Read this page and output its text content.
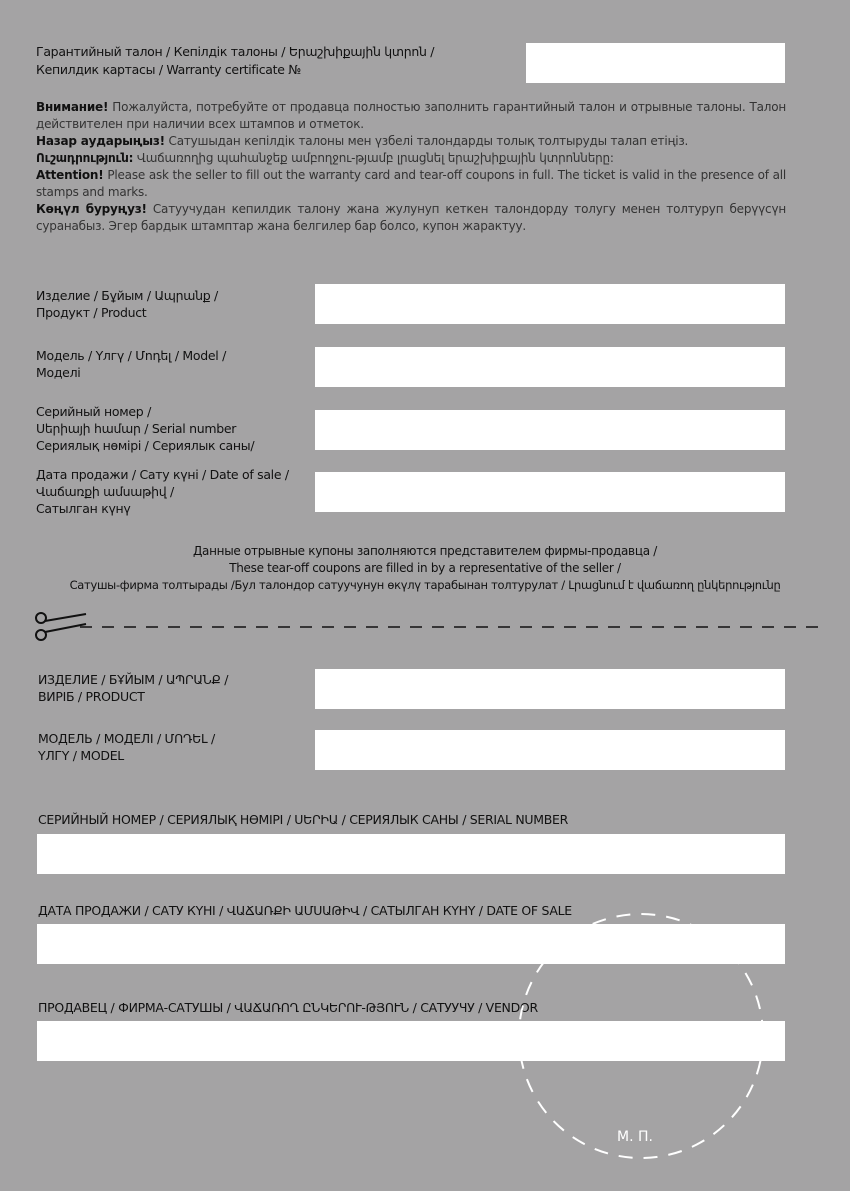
Гарантийный талон / Кепілдік талоны / Երաշխիքային կտրոն /
Кепилдик картасы / Warranty certificate №

Внимание! Пожалуйста, потребуйте от продавца полностью заполнить гарантийный талон и отрывные талоны. Талон действителен при наличии всех штампов и отметок.

Назар аударыңыз! Сатушыдан кепілдік талоны мен үзбелі талондарды толық толтыруды талап етіңіз.

Ուշադրություն: Վաճառողից պահանջեք ամբողջու-թյամբ լրացնել երաշխիքային կտրոնները:

Attention! Please ask the seller to fill out the warranty card and tear-off coupons in full. The ticket is valid in the presence of all stamps and marks.

Көңүл буруңуз! Сатуучудан кепилдик талону жана жулунуп кеткен талондорду толугу менен толтуруп берүүсүн суранабыз. Эгер бардык штамптар жана белгилер бар болсо, купон жарактуу.

Изделие / Бұйым / Ապրանք /
Продукт / Product
Модель / Үлгү / Մոդել / Model /
Моделі
Серийный номер /
Սերիայի համար / Serial number
Сериялық нөмірі / Сериялык саны/
Дата продажи / Сату күні / Date of sale /
Վաճառքի ամսաթիվ /
Сатылган күнү
Данные отрывные купоны заполняются представителем фирмы-продавца /
These tear-off coupons are filled in by a representative of the seller /
Сатушы-фирма толтырады /Бул талондор сатуучунун өкүлү тарабынан толтурулат / Լրացնում է վաճառող ընկերությունը
ИЗДЕЛИЕ / БҰЙЫМ / ԱՊՐԱՆՔ /
ВИРІБ / PRODUCT
МОДЕЛЬ / МОДЕЛІ / ՄՈԴԵԼ /
ҮЛГҮ / MODEL
СЕРИЙНЫЙ НОМЕР / СЕРИЯЛЫҚ НӨМІРІ / ՍԵՐԻԱ / СЕРИЯЛЫК САНЫ / SERIAL NUMBER
ДАТА ПРОДАЖИ / САТУ КҮНІ / ՎԱՃԱՌՔԻ ԱՄՍԱԹԻՎ / САТЫЛГАН КҮНҮ / DATE OF SALE
ПРОДАВЕЦ / ФИРМА-САТУШЫ / ՎԱՃԱՌՈՂ ԸՆԿԵՐՈՒ-ԹՅՈՒՆ / САТУУЧУ / VENDOR
М. П.
